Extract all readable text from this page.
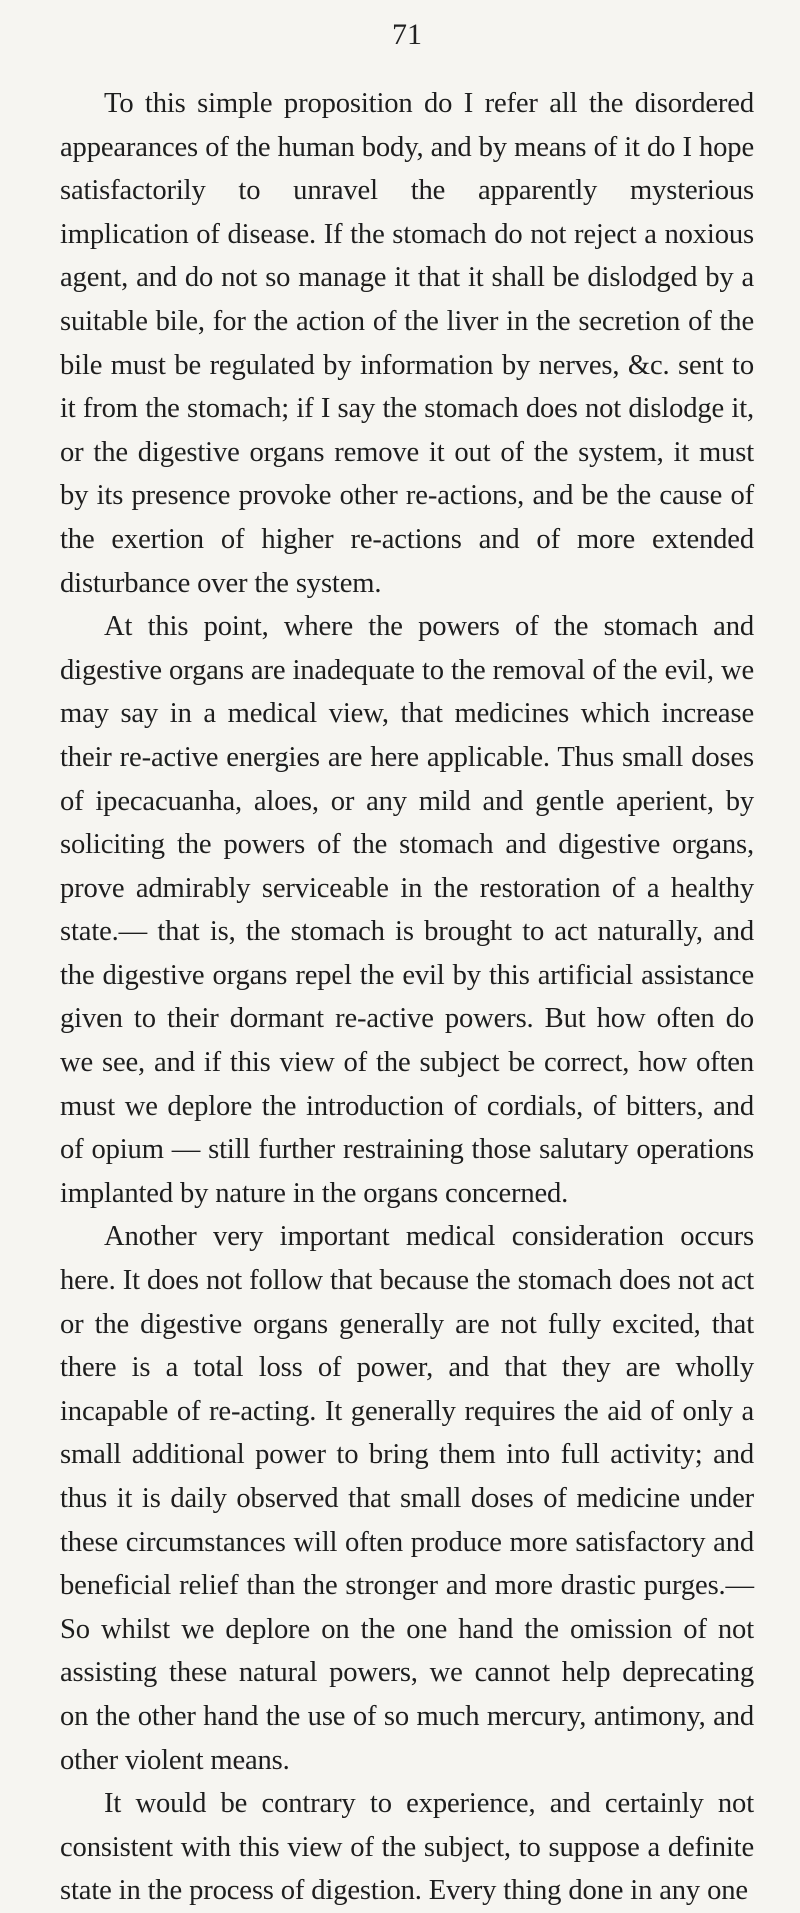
71

To this simple proposition do I refer all the disordered appearances of the human body, and by means of it do I hope satisfactorily to unravel the apparently mysterious implication of disease. If the stomach do not reject a noxious agent, and do not so manage it that it shall be dislodged by a suitable bile, for the action of the liver in the secretion of the bile must be regulated by information by nerves, &c. sent to it from the stomach; if I say the stomach does not dislodge it, or the digestive organs remove it out of the system, it must by its presence provoke other re-actions, and be the cause of the exertion of higher re-actions and of more extended disturbance over the system.

At this point, where the powers of the stomach and digestive organs are inadequate to the removal of the evil, we may say in a medical view, that medicines which increase their re-active energies are here applicable. Thus small doses of ipecacuanha, aloes, or any mild and gentle aperient, by soliciting the powers of the stomach and digestive organs, prove admirably serviceable in the restoration of a healthy state.— that is, the stomach is brought to act naturally, and the digestive organs repel the evil by this artificial assistance given to their dormant re-active powers. But how often do we see, and if this view of the subject be correct, how often must we deplore the introduction of cordials, of bitters, and of opium — still further restraining those salutary operations implanted by nature in the organs concerned.

Another very important medical consideration occurs here. It does not follow that because the stomach does not act or the digestive organs generally are not fully excited, that there is a total loss of power, and that they are wholly incapable of re-acting. It generally requires the aid of only a small additional power to bring them into full activity; and thus it is daily observed that small doses of medicine under these circumstances will often produce more satisfactory and beneficial relief than the stronger and more drastic purges.— So whilst we deplore on the one hand the omission of not assisting these natural powers, we cannot help deprecating on the other hand the use of so much mercury, antimony, and other violent means.

It would be contrary to experience, and certainly not consistent with this view of the subject, to suppose a definite state in the process of digestion. Every thing done in any one
